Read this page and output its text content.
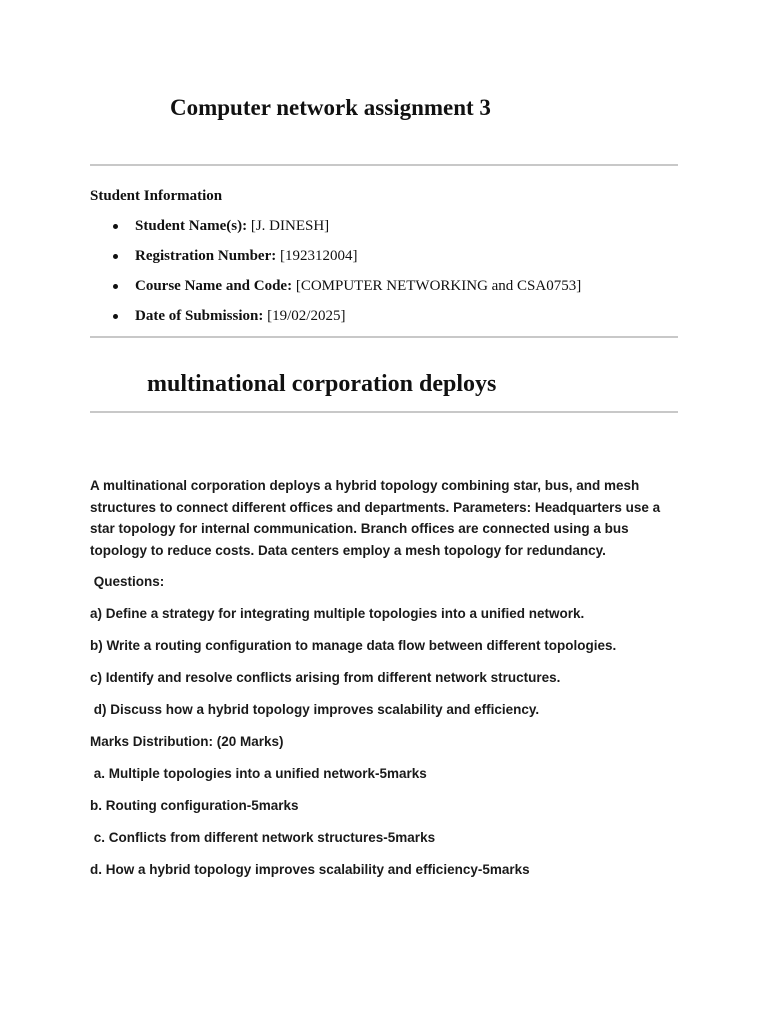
Computer network assignment 3

Student Information

Student Name(s): [J. DINESH]
Registration Number: [192312004]
Course Name and Code: [COMPUTER NETWORKING and CSA0753]
Date of Submission: [19/02/2025]
multinational corporation deploys

A multinational corporation deploys a hybrid topology combining star, bus, and mesh structures to connect different offices and departments. Parameters: Headquarters use a star topology for internal communication. Branch offices are connected using a bus topology to reduce costs. Data centers employ a mesh topology for redundancy.

Questions:

a) Define a strategy for integrating multiple topologies into a unified network.

b) Write a routing configuration to manage data flow between different topologies.

c) Identify and resolve conflicts arising from different network structures.

d) Discuss how a hybrid topology improves scalability and efficiency.

Marks Distribution: (20 Marks)

a. Multiple topologies into a unified network-5marks

b. Routing configuration-5marks

c. Conflicts from different network structures-5marks

d. How a hybrid topology improves scalability and efficiency-5marks
